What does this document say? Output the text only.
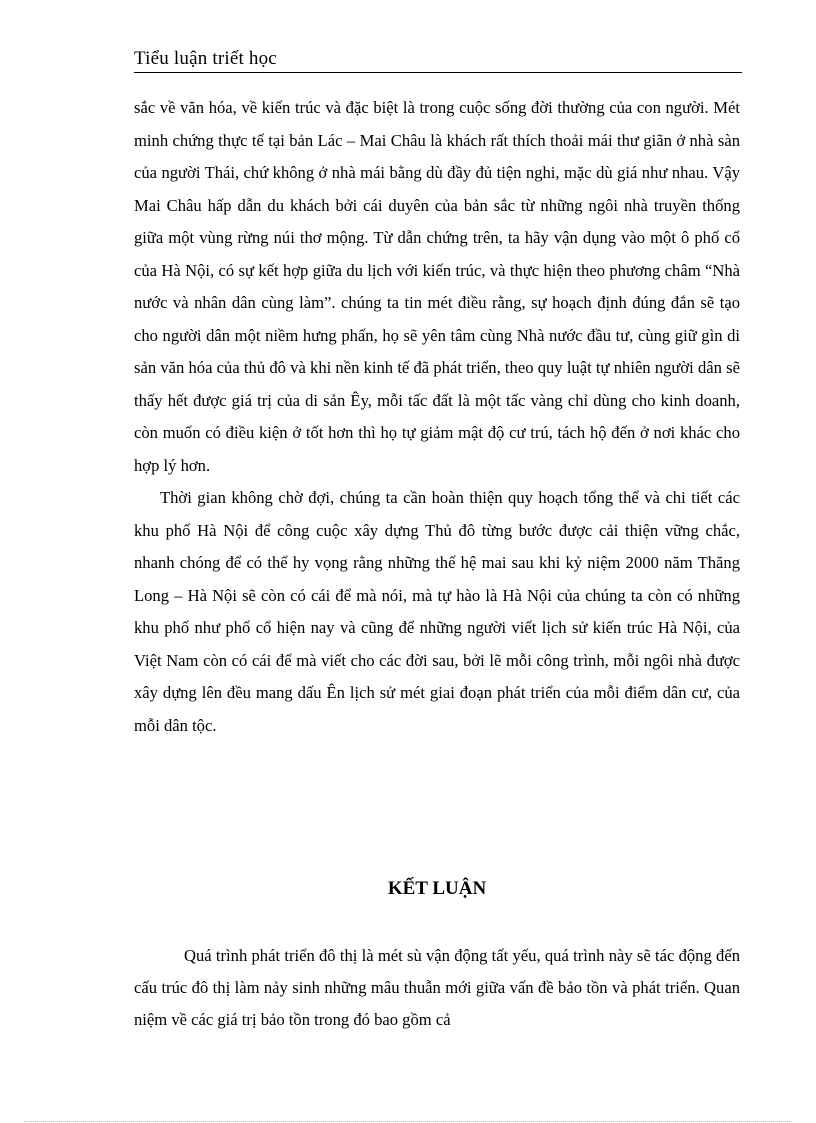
Tiểu luận triết học

sắc về văn hóa, về kiến trúc và đặc biệt là trong cuộc sống đời thường của con người. Mét minh chứng thực tế tại bản Lác – Mai Châu là khách rất thích thoải mái thư giãn ở nhà sàn của người Thái, chứ không ở nhà mái bằng dù đầy đủ tiện nghi, mặc dù giá như nhau. Vậy Mai Châu hấp dẫn du khách bởi cái duyên của bản sắc từ những ngôi nhà truyền thống giữa một vùng rừng núi thơ mộng. Từ dẫn chứng trên, ta hãy vận dụng vào một ô phố cổ của Hà Nội, có sự kết hợp giữa du lịch với kiến trúc, và thực hiện theo phương châm “Nhà nước và nhân dân cùng làm”. chúng ta tin mét điều rằng, sự hoạch định đúng đắn sẽ tạo cho người dân một niềm hưng phấn, họ sẽ yên tâm cùng Nhà nước đầu tư, cùng giữ gìn di sản văn hóa của thủ đô và khi nền kinh tế đã phát triển, theo quy luật tự nhiên người dân sẽ thấy hết được giá trị của di sản Êy, mỗi tấc đất là một tấc vàng chỉ dùng cho kinh doanh, còn muốn có điều kiện ở tốt hơn thì họ tự giảm mật độ cư trú, tách hộ đến ở nơi khác cho hợp lý hơn.

Thời gian không chờ đợi, chúng ta cần hoàn thiện quy hoạch tổng thể và chi tiết các khu phố Hà Nội để công cuộc xây dựng Thủ đô từng bước được cải thiện vững chắc, nhanh chóng để có thể hy vọng rằng những thế hệ mai sau khi kỷ niệm 2000 năm Thăng Long – Hà Nội sẽ còn có cái để mà nói, mà tự hào là Hà Nội của chúng ta còn có những khu phố như phố cổ hiện nay và cũng để những người viết lịch sử kiến trúc Hà Nội, của Việt Nam còn có cái để mà viết cho các đời sau, bởi lẽ mỗi công trình, mỗi ngôi nhà được xây dựng lên đều mang dấu Ên lịch sử mét giai đoạn phát triển của mỗi điểm dân cư, của mỗi dân tộc.

KẾT LUẬN

Quá trình phát triển đô thị là mét sù vận động tất yếu, quá trình này sẽ tác động đến cấu trúc đô thị làm nảy sinh những mâu thuẫn mới giữa vấn đề bảo tồn và phát triển. Quan niệm về các giá trị bảo tồn trong đó bao gồm cả
